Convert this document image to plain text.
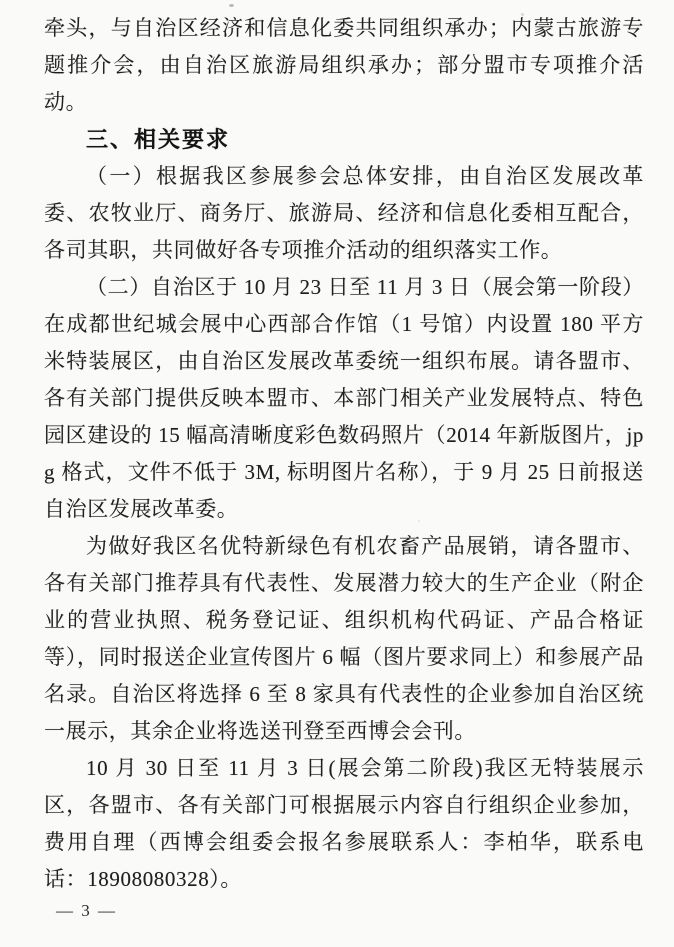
牵头，与自治区经济和信息化委共同组织承办；内蒙古旅游专题推介会，由自治区旅游局组织承办；部分盟市专项推介活动。

三、相关要求

（一）根据我区参展参会总体安排，由自治区发展改革委、农牧业厅、商务厅、旅游局、经济和信息化委相互配合，各司其职，共同做好各专项推介活动的组织落实工作。

（二）自治区于 10 月 23 日至 11 月 3 日（展会第一阶段）在成都世纪城会展中心西部合作馆（1 号馆）内设置 180 平方米特装展区，由自治区发展改革委统一组织布展。请各盟市、各有关部门提供反映本盟市、本部门相关产业发展特点、特色园区建设的 15 幅高清晰度彩色数码照片（2014 年新版图片，jpg 格式，文件不低于 3M, 标明图片名称），于 9 月 25 日前报送自治区发展改革委。

为做好我区名优特新绿色有机农畜产品展销，请各盟市、各有关部门推荐具有代表性、发展潜力较大的生产企业（附企业的营业执照、税务登记证、组织机构代码证、产品合格证等），同时报送企业宣传图片 6 幅（图片要求同上）和参展产品名录。自治区将选择 6 至 8 家具有代表性的企业参加自治区统一展示，其余企业将选送刊登至西博会会刊。

10 月 30 日至 11 月 3 日(展会第二阶段)我区无特装展示区，各盟市、各有关部门可根据展示内容自行组织企业参加，费用自理（西博会组委会报名参展联系人：李柏华，联系电话：18908080328）。

— 3 —
